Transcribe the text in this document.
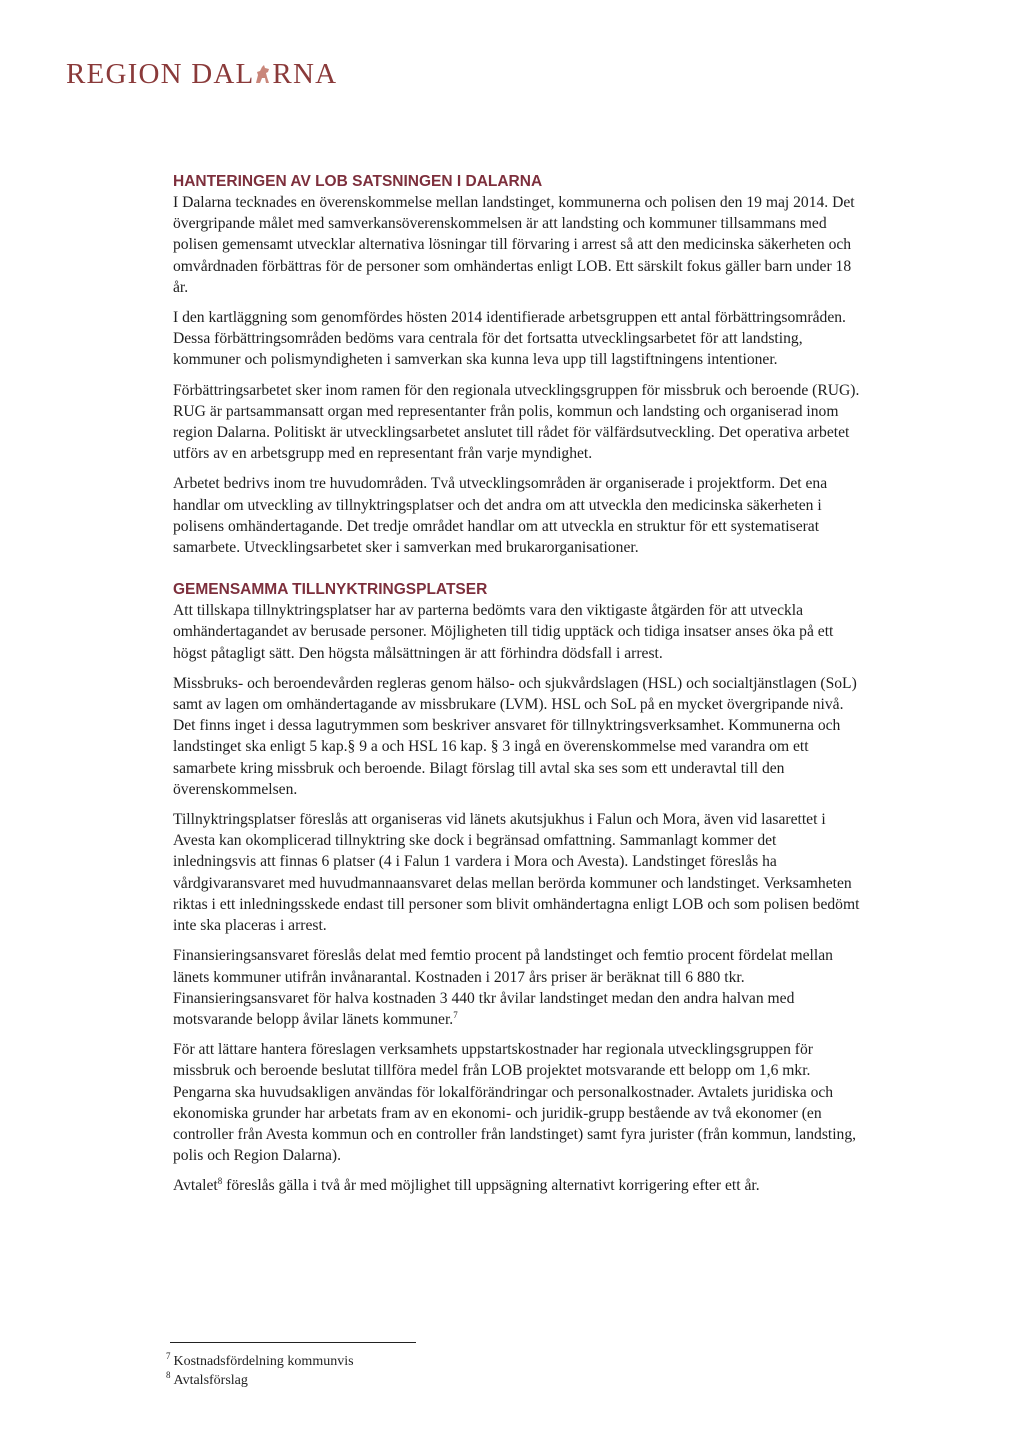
REGION DAL RNA
HANTERINGEN AV LOB SATSNINGEN I DALARNA

I Dalarna tecknades en överenskommelse mellan landstinget, kommunerna och polisen den 19 maj 2014. Det övergripande målet med samverkansöverenskommelsen är att landsting och kommuner tillsammans med polisen gemensamt utvecklar alternativa lösningar till förvaring i arrest så att den medicinska säkerheten och omvårdnaden förbättras för de personer som omhändertas enligt LOB. Ett särskilt fokus gäller barn under 18 år.

I den kartläggning som genomfördes hösten 2014 identifierade arbetsgruppen ett antal förbättringsområden. Dessa förbättringsområden bedöms vara centrala för det fortsatta utvecklingsarbetet för att landsting, kommuner och polismyndigheten i samverkan ska kunna leva upp till lagstiftningens intentioner.

Förbättringsarbetet sker inom ramen för den regionala utvecklingsgruppen för missbruk och beroende (RUG). RUG är partsammansatt organ med representanter från polis, kommun och landsting och organiserad inom region Dalarna. Politiskt är utvecklingsarbetet anslutet till rådet för välfärdsutveckling. Det operativa arbetet utförs av en arbetsgrupp med en representant från varje myndighet.

Arbetet bedrivs inom tre huvudområden. Två utvecklingsområden är organiserade i projektform. Det ena handlar om utveckling av tillnyktringsplatser och det andra om att utveckla den medicinska säkerheten i polisens omhändertagande. Det tredje området handlar om att utveckla en struktur för ett systematiserat samarbete. Utvecklingsarbetet sker i samverkan med brukarorganisationer.

GEMENSAMMA TILLNYKTRINGSPLATSER

Att tillskapa tillnyktringsplatser har av parterna bedömts vara den viktigaste åtgärden för att utveckla omhändertagandet av berusade personer. Möjligheten till tidig upptäck och tidiga insatser anses öka på ett högst påtagligt sätt. Den högsta målsättningen är att förhindra dödsfall i arrest.

Missbruks- och beroendevården regleras genom hälso- och sjukvårdslagen (HSL) och socialtjänstlagen (SoL) samt av lagen om omhändertagande av missbrukare (LVM). HSL och SoL på en mycket övergripande nivå. Det finns inget i dessa lagutrymmen som beskriver ansvaret för tillnyktringsverksamhet. Kommunerna och landstinget ska enligt 5 kap.§ 9 a och HSL 16 kap. § 3 ingå en överenskommelse med varandra om ett samarbete kring missbruk och beroende. Bilagt förslag till avtal ska ses som ett underavtal till den överenskommelsen.

Tillnyktringsplatser föreslås att organiseras vid länets akutsjukhus i Falun och Mora, även vid lasarettet i Avesta kan okomplicerad tillnyktring ske dock i begränsad omfattning. Sammanlagt kommer det inledningsvis att finnas 6 platser (4 i Falun 1 vardera i Mora och Avesta). Landstinget föreslås ha vårdgivaransvaret med huvudmannaansvaret delas mellan berörda kommuner och landstinget. Verksamheten riktas i ett inledningsskede endast till personer som blivit omhändertagna enligt LOB och som polisen bedömt inte ska placeras i arrest.

Finansieringsansvaret föreslås delat med femtio procent på landstinget och femtio procent fördelat mellan länets kommuner utifrån invånarantal. Kostnaden i 2017 års priser är beräknat till 6 880 tkr. Finansieringsansvaret för halva kostnaden 3 440 tkr åvilar landstinget medan den andra halvan med motsvarande belopp åvilar länets kommuner.$^7$

För att lättare hantera föreslagen verksamhets uppstartskostnader har regionala utvecklingsgruppen för missbruk och beroende beslutat tillföra medel från LOB projektet motsvarande ett belopp om 1,6 mkr. Pengarna ska huvudsakligen användas för lokalförändringar och personalkostnader. Avtalets juridiska och ekonomiska grunder har arbetats fram av en ekonomi- och juridik-grupp bestående av två ekonomer (en controller från Avesta kommun och en controller från landstinget) samt fyra jurister (från kommun, landsting, polis och Region Dalarna).

Avtalet$^8$ föreslås gälla i två år med möjlighet till uppsägning alternativt korrigering efter ett år.

$^7$ Kostnadsfördelning kommunvis
$^8$ Avtalsförslag
